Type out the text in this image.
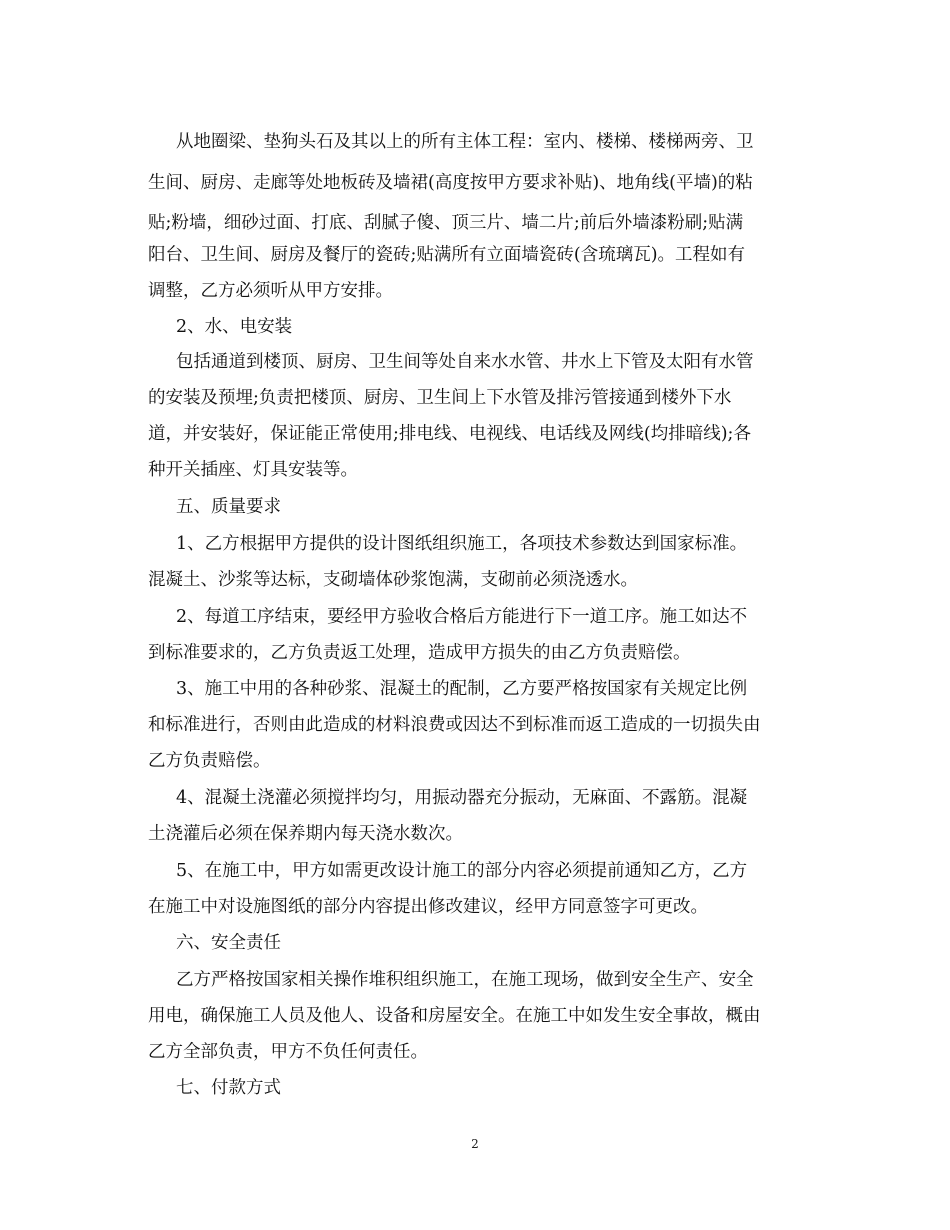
从地圈梁、垫狗头石及其以上的所有主体工程：室内、楼梯、楼梯两旁、卫
生间、厨房、走廊等处地板砖及墙裙(高度按甲方要求补贴)、地角线(平墙)的粘
贴;粉墙，细砂过面、打底、刮腻子傻、顶三片、墙二片;前后外墙漆粉刷;贴满
阳台、卫生间、厨房及餐厅的瓷砖;贴满所有立面墙瓷砖(含琉璃瓦)。工程如有
调整，乙方必须听从甲方安排。
2、水、电安装
包括通道到楼顶、厨房、卫生间等处自来水水管、井水上下管及太阳有水管
的安装及预埋;负责把楼顶、厨房、卫生间上下水管及排污管接通到楼外下水
道，并安装好，保证能正常使用;排电线、电视线、电话线及网线(均排暗线);各
种开关插座、灯具安装等。
五、质量要求
1、乙方根据甲方提供的设计图纸组织施工，各项技术参数达到国家标准。
混凝土、沙浆等达标，支砌墙体砂浆饱满，支砌前必须浇透水。
2、每道工序结束，要经甲方验收合格后方能进行下一道工序。施工如达不
到标准要求的，乙方负责返工处理，造成甲方损失的由乙方负责赔偿。
3、施工中用的各种砂浆、混凝土的配制，乙方要严格按国家有关规定比例
和标准进行，否则由此造成的材料浪费或因达不到标准而返工造成的一切损失由
乙方负责赔偿。
4、混凝土浇灌必须搅拌均匀，用振动器充分振动，无麻面、不露筋。混凝
土浇灌后必须在保养期内每天浇水数次。
5、在施工中，甲方如需更改设计施工的部分内容必须提前通知乙方，乙方
在施工中对设施图纸的部分内容提出修改建议，经甲方同意签字可更改。
六、安全责任
乙方严格按国家相关操作堆积组织施工，在施工现场，做到安全生产、安全
用电，确保施工人员及他人、设备和房屋安全。在施工中如发生安全事故，概由
乙方全部负责，甲方不负任何责任。
七、付款方式
2
